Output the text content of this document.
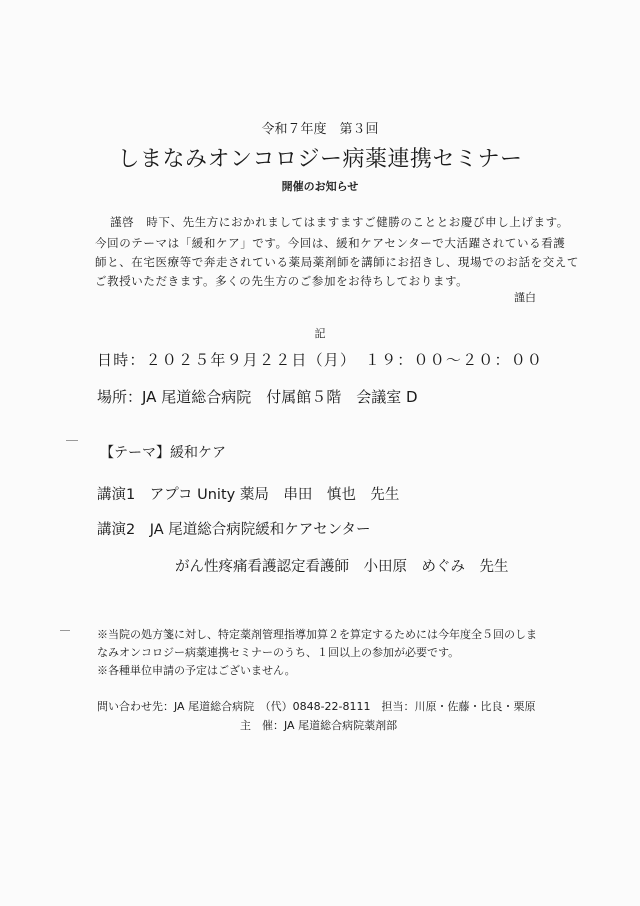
令和７年度　第３回
しまなみオンコロジー病薬連携セミナー
開催のお知らせ
謹啓　時下、先生方におかれましてはますますご健勝のこととお慶び申し上げます。
今回のテーマは「緩和ケア」です。今回は、緩和ケアセンターで大活躍されている看護
師と、在宅医療等で奔走されている薬局薬剤師を講師にお招きし、現場でのお話を交えて
ご教授いただきます。多くの先生方のご参加をお待ちしております。
謹白
記
日時：２０２５年９月２２日（月）　１９：００～２０：００
場所：JA 尾道総合病院　付属館５階　会議室 D
【テーマ】緩和ケア
講演1　アプコ Unity 薬局　串田　慎也　先生
講演2　JA 尾道総合病院緩和ケアセンター
がん性疼痛看護認定看護師　小田原　めぐみ　先生
※当院の処方箋に対し、特定薬剤管理指導加算２を算定するためには今年度全５回のしま
なみオンコロジー病薬連携セミナーのうち、１回以上の参加が必要です。
※各種単位申請の予定はございません。
問い合わせ先：JA 尾道総合病院　（代）0848-22-8111　担当：川原・佐藤・比良・栗原
主　催：JA 尾道総合病院薬剤部
